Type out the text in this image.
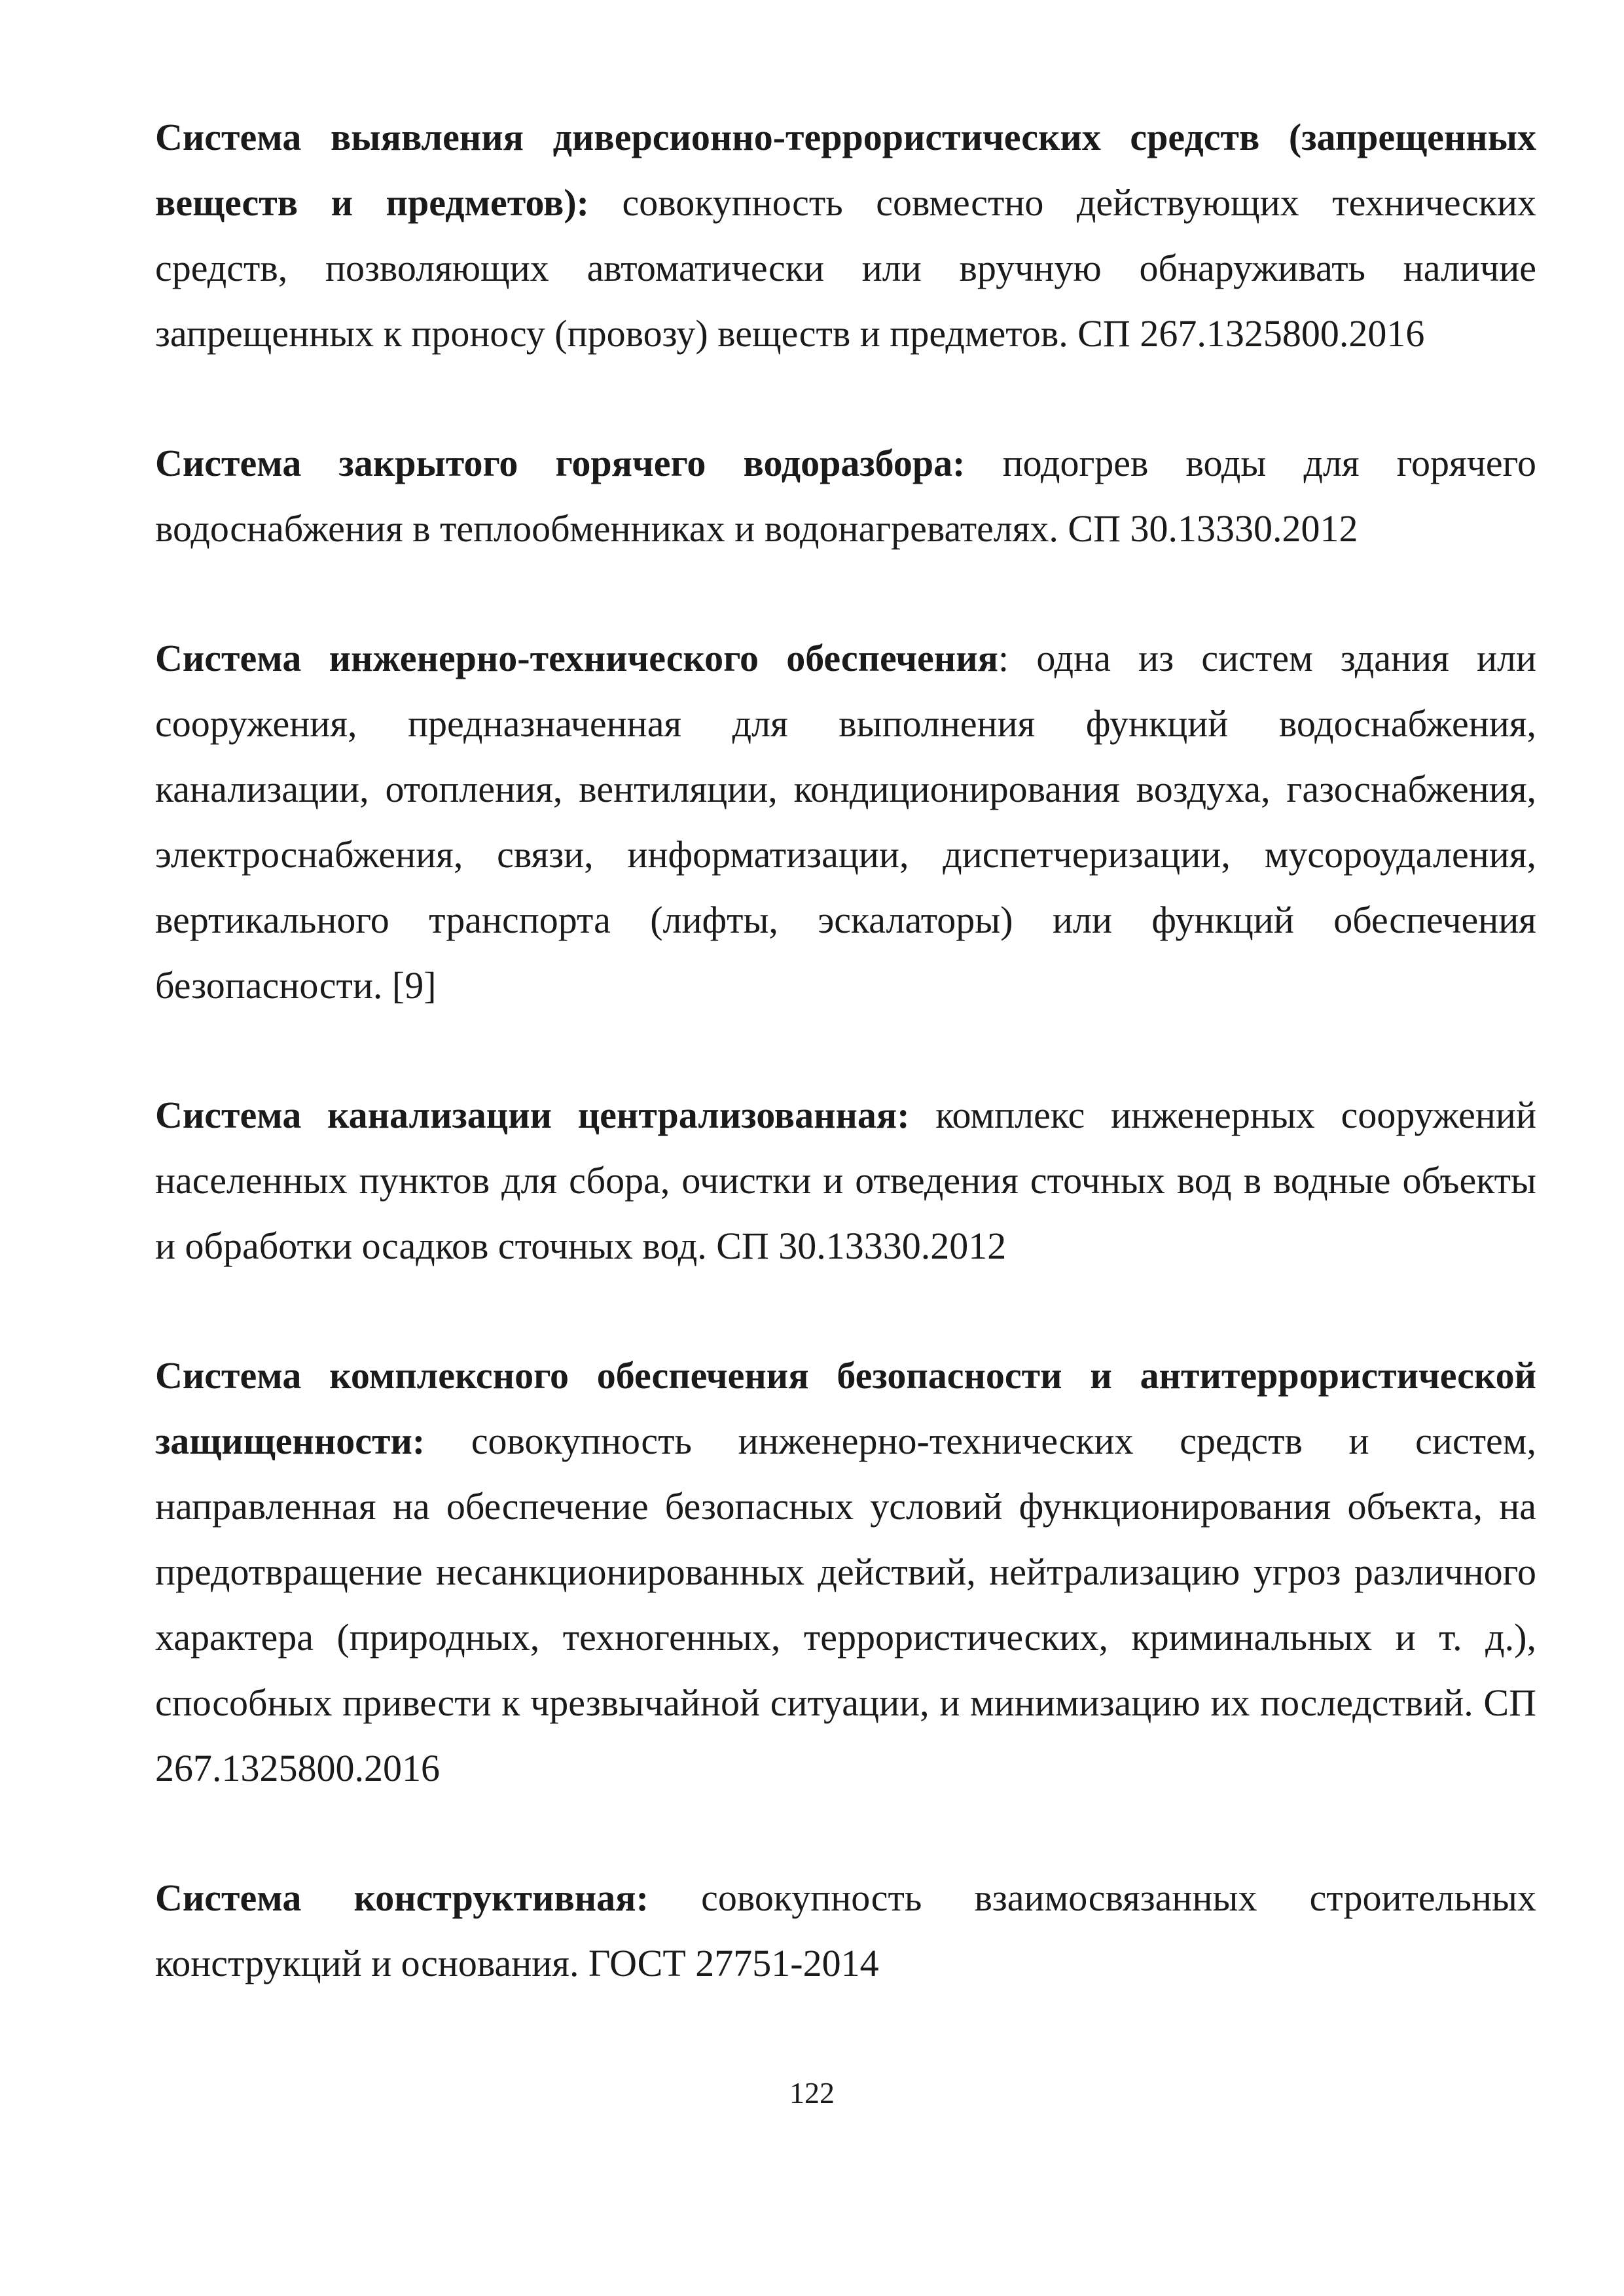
Система выявления диверсионно-террористических средств (запрещенных веществ и предметов): совокупность совместно действующих технических средств, позволяющих автоматически или вручную обнаруживать наличие запрещенных к проносу (провозу) веществ и предметов. СП 267.1325800.2016

Система закрытого горячего водоразбора: подогрев воды для горячего водоснабжения в теплообменниках и водонагревателях. СП 30.13330.2012

Система инженерно-технического обеспечения: одна из систем здания или сооружения, предназначенная для выполнения функций водоснабжения, канализации, отопления, вентиляции, кондиционирования воздуха, газоснабжения, электроснабжения, связи, информатизации, диспетчеризации, мусороудаления, вертикального транспорта (лифты, эскалаторы) или функций обеспечения безопасности. [9]

Система канализации централизованная: комплекс инженерных сооружений населенных пунктов для сбора, очистки и отведения сточных вод в водные объекты и обработки осадков сточных вод. СП 30.13330.2012

Система комплексного обеспечения безопасности и антитеррористической защищенности: совокупность инженерно-технических средств и систем, направленная на обеспечение безопасных условий функционирования объекта, на предотвращение несанкционированных действий, нейтрализацию угроз различного характера (природных, техногенных, террористических, криминальных и т. д.), способных привести к чрезвычайной ситуации, и минимизацию их последствий. СП 267.1325800.2016

Система конструктивная: совокупность взаимосвязанных строительных конструкций и основания. ГОСТ 27751-2014

122
